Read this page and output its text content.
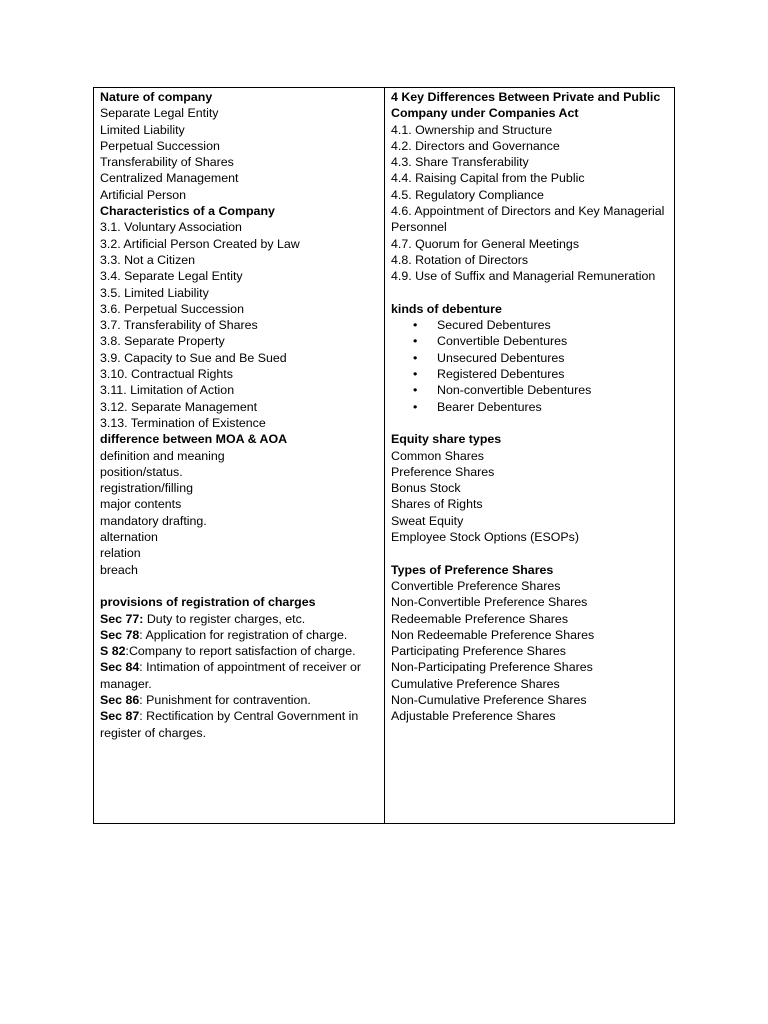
Nature of company
Separate Legal Entity
Limited Liability
Perpetual Succession
Transferability of Shares
Centralized Management
Artificial Person
Characteristics of a Company
3.1. Voluntary Association
3.2. Artificial Person Created by Law
3.3. Not a Citizen
3.4. Separate Legal Entity
3.5. Limited Liability
3.6. Perpetual Succession
3.7. Transferability of Shares
3.8. Separate Property
3.9. Capacity to Sue and Be Sued
3.10. Contractual Rights
3.11. Limitation of Action
3.12. Separate Management
3.13. Termination of Existence
difference between MOA & AOA
definition and meaning
position/status.
registration/filling
major contents
mandatory drafting.
alternation
relation
breach
provisions of registration of charges
Sec 77: Duty to register charges, etc.
Sec 78: Application for registration of charge.
S 82:Company to report satisfaction of charge.
Sec 84: Intimation of appointment of receiver or manager.
Sec 86: Punishment for contravention.
Sec 87: Rectification by Central Government in register of charges.
4 Key Differences Between Private and Public Company under Companies Act
4.1. Ownership and Structure
4.2. Directors and Governance
4.3. Share Transferability
4.4. Raising Capital from the Public
4.5. Regulatory Compliance
4.6. Appointment of Directors and Key Managerial Personnel
4.7. Quorum for General Meetings
4.8. Rotation of Directors
4.9. Use of Suffix and Managerial Remuneration
kinds of debenture
• Secured Debentures
• Convertible Debentures
• Unsecured Debentures
• Registered Debentures
• Non-convertible Debentures
• Bearer Debentures
Equity share types
Common Shares
Preference Shares
Bonus Stock
Shares of Rights
Sweat Equity
Employee Stock Options (ESOPs)
Types of Preference Shares
Convertible Preference Shares
Non-Convertible Preference Shares
Redeemable Preference Shares
Non Redeemable Preference Shares
Participating Preference Shares
Non-Participating Preference Shares
Cumulative Preference Shares
Non-Cumulative Preference Shares
Adjustable Preference Shares
